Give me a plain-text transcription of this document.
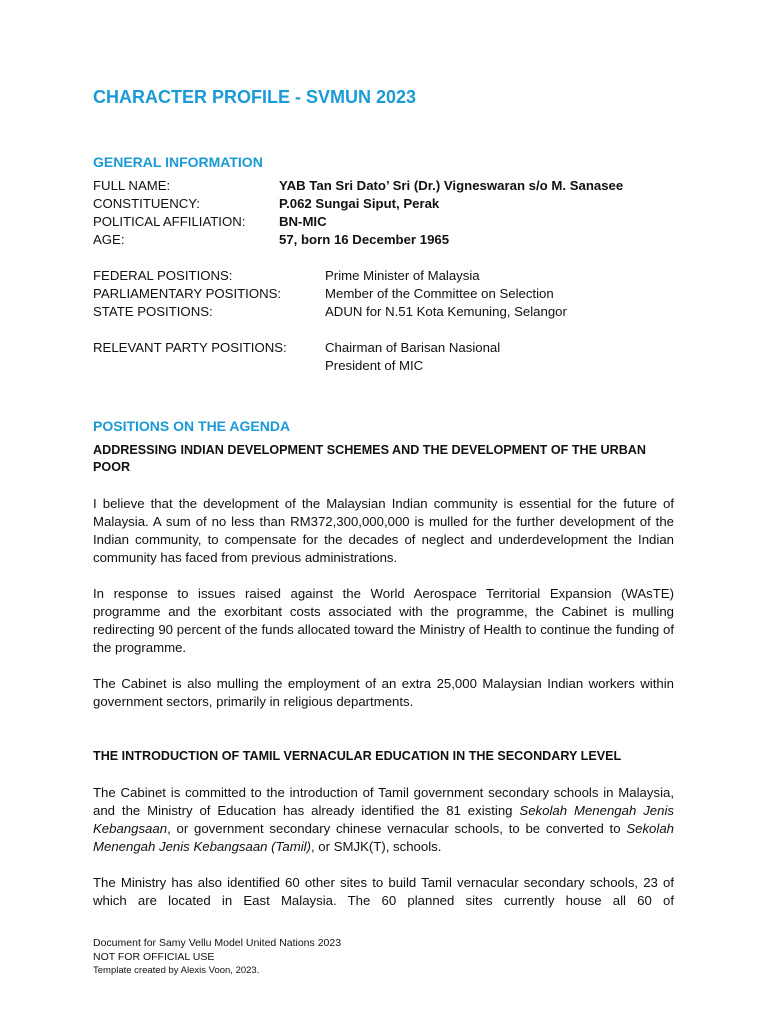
CHARACTER PROFILE - SVMUN 2023
GENERAL INFORMATION
FULL NAME:	YAB Tan Sri Dato’ Sri (Dr.) Vigneswaran s/o M. Sanasee
CONSTITUENCY:	P.062 Sungai Siput, Perak
POLITICAL AFFILIATION:	BN-MIC
AGE:	57, born 16 December 1965
FEDERAL POSITIONS:	Prime Minister of Malaysia
PARLIAMENTARY POSITIONS:	Member of the Committee on Selection
STATE POSITIONS:	ADUN for N.51 Kota Kemuning, Selangor
RELEVANT PARTY POSITIONS:	Chairman of Barisan Nasional
President of MIC
POSITIONS ON THE AGENDA

ADDRESSING INDIAN DEVELOPMENT SCHEMES AND THE DEVELOPMENT OF THE URBAN POOR

I believe that the development of the Malaysian Indian community is essential for the future of Malaysia. A sum of no less than RM372,300,000,000 is mulled for the further development of the Indian community, to compensate for the decades of neglect and underdevelopment the Indian community has faced from previous administrations.

In response to issues raised against the World Aerospace Territorial Expansion (WAsTE) programme and the exorbitant costs associated with the programme, the Cabinet is mulling redirecting 90 percent of the funds allocated toward the Ministry of Health to continue the funding of the programme.

The Cabinet is also mulling the employment of an extra 25,000 Malaysian Indian workers within government sectors, primarily in religious departments.

THE INTRODUCTION OF TAMIL VERNACULAR EDUCATION IN THE SECONDARY LEVEL

The Cabinet is committed to the introduction of Tamil government secondary schools in Malaysia, and the Ministry of Education has already identified the 81 existing Sekolah Menengah Jenis Kebangsaan, or government secondary chinese vernacular schools, to be converted to Sekolah Menengah Jenis Kebangsaan (Tamil), or SMJK(T), schools.

The Ministry has also identified 60 other sites to build Tamil vernacular secondary schools, 23 of which are located in East Malaysia. The 60 planned sites currently house all 60 of

Document for Samy Vellu Model United Nations 2023
NOT FOR OFFICIAL USE
Template created by Alexis Voon, 2023.
